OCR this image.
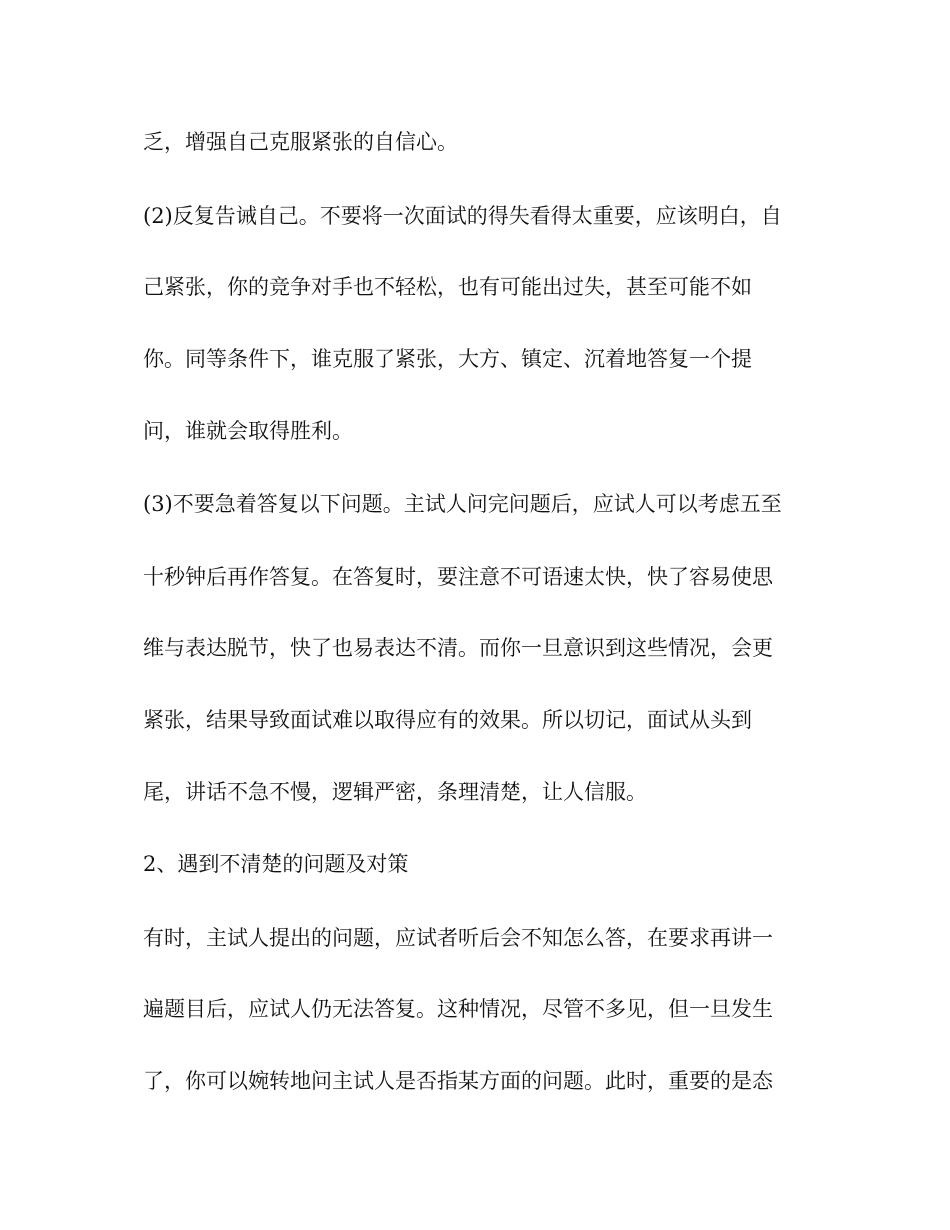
乏，增强自己克服紧张的自信心。

(2)反复告诫自己。不要将一次面试的得失看得太重要，应该明白，自

己紧张，你的竞争对手也不轻松，也有可能出过失，甚至可能不如

你。同等条件下，谁克服了紧张，大方、镇定、沉着地答复一个提

问，谁就会取得胜利。

(3)不要急着答复以下问题。主试人问完问题后，应试人可以考虑五至

十秒钟后再作答复。在答复时，要注意不可语速太快，快了容易使思

维与表达脱节，快了也易表达不清。而你一旦意识到这些情况，会更

紧张，结果导致面试难以取得应有的效果。所以切记，面试从头到

尾，讲话不急不慢，逻辑严密，条理清楚，让人信服。

2、遇到不清楚的问题及对策

有时，主试人提出的问题，应试者听后会不知怎么答，在要求再讲一

遍题目后，应试人仍无法答复。这种情况，尽管不多见，但一旦发生

了，你可以婉转地问主试人是否指某方面的问题。此时，重要的是态
